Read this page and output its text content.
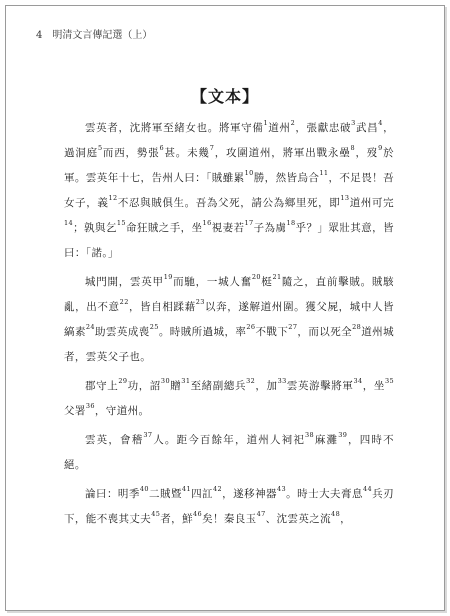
4 明清文言傳記選（上）
【文本】

雲英者，沈將軍至緒女也。將軍守備$^1$道州$^2$，張獻忠破$^3$武昌$^4$，過洞庭$^5$而西，勢張$^6$甚。未幾$^7$，攻圍道州，將軍出戰永壘$^8$，歿$^9$於軍。雲英年十七，告州人曰：「賊雖累$^{10}$勝，然皆烏合$^{11}$，不足畏！吾女子，義$^{12}$不忍與賊俱生。吾為父死，請公為鄉里死，即$^{13}$道州可完$^{14}$；孰與乞$^{15}$命狂賊之手，坐$^{16}$視妻若$^{17}$子為虜$^{18}$乎？」眾壯其意，皆曰：「諾。」

城門開，雲英甲$^{19}$而馳，一城人奮$^{20}$梃$^{21}$隨之，直前擊賊。賊駭亂，出不意$^{22}$，皆自相蹂藉$^{23}$以奔，遂解道州圍。獲父屍，城中人皆縞素$^{24}$助雲英成喪$^{25}$。時賊所過城，率$^{26}$不戰下$^{27}$，而以死全$^{28}$道州城者，雲英父子也。

郡守上$^{29}$功，詔$^{30}$贈$^{31}$至緒副總兵$^{32}$，加$^{33}$雲英游擊將軍$^{34}$，坐$^{35}$父署$^{36}$，守道州。

雲英，會稽$^{37}$人。距今百餘年，道州人祠祀$^{38}$麻灘$^{39}$，四時不絕。

論曰：明季$^{40}$二賊暨$^{41}$四訌$^{42}$，遂移神器$^{43}$。時士大夫膏息$^{44}$兵刃下，能不喪其丈夫$^{45}$者，鮮$^{46}$矣！秦良玉$^{47}$、沈雲英之流$^{48}$，
